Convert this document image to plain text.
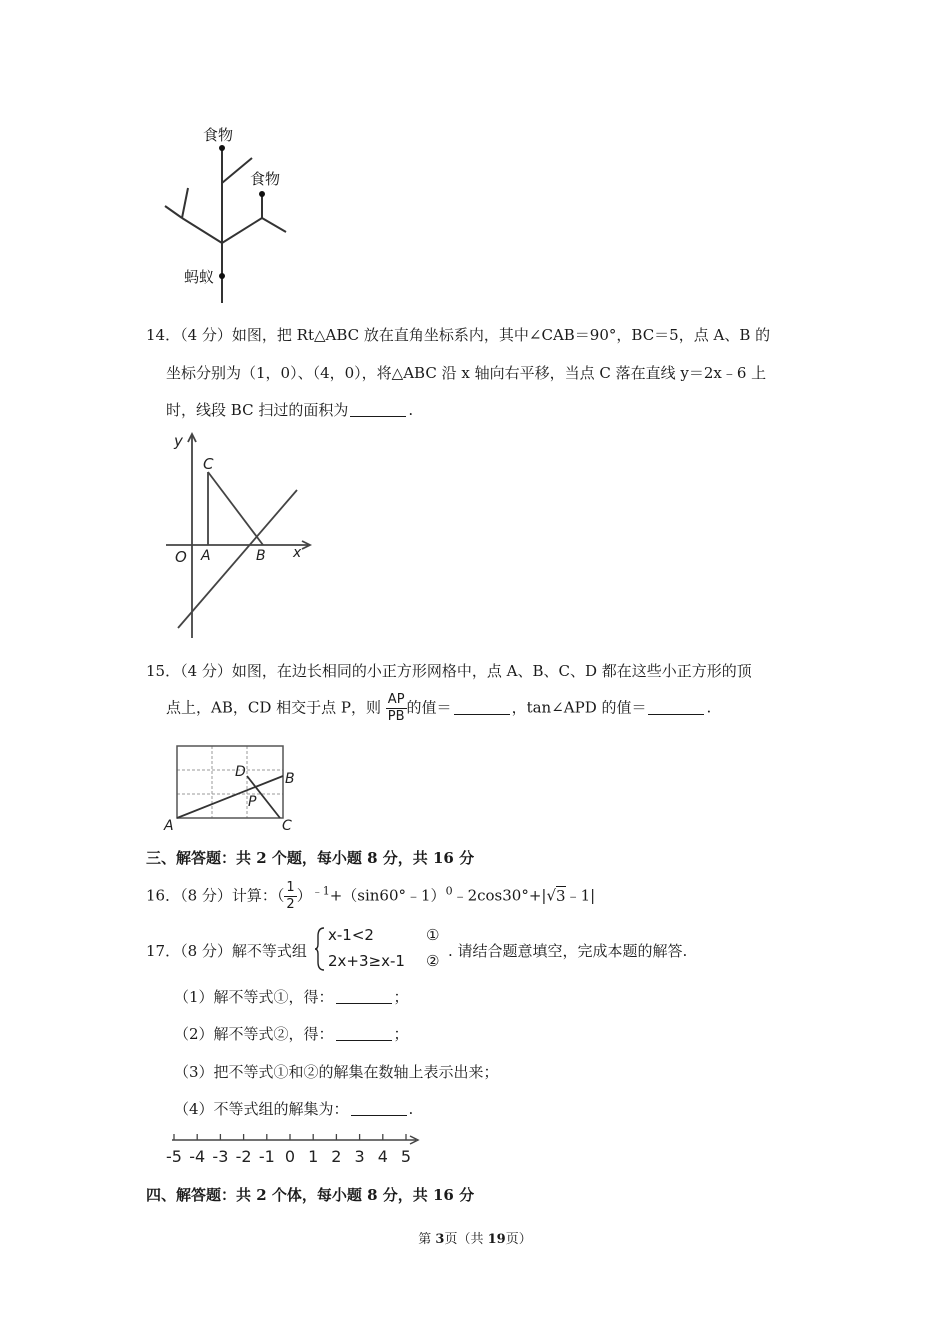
食物
食物
蚂蚁
14．（4 分）如图，把 Rt△ABC 放在直角坐标系内，其中∠CAB＝90°，BC＝5，点 A、B 的
坐标分别为（1，0）、（4，0），将△ABC 沿 x 轴向右平移，当点 C 落在直线 y＝2x﹣6 上
时，线段 BC 扫过的面积为	.
y
C
O A	B x
15．（4 分）如图，在边长相同的小正方形网格中，点 A、B、C、D 都在这些小正方形的顶
点上，AB，CD 相交于点 P，则 $\frac{AP}{PB}$ 的值＝	，tan∠APD 的值＝	.
D	B
P
A	C
三、解答题：共 2 个题，每小题 8 分，共 16 分
16．（8 分）计算：（ $\frac{1}{2}$ ）$^{﹣1}$+（sin60°﹣1）$^0$﹣2cos30°+|√3﹣1|
17．（8 分）解不等式组
x-1<2
2x+3≥x-1
①
②
. 请结合题意填空，完成本题的解答.
（1）解不等式①，得：	；
（2）解不等式②，得：	；
（3）把不等式①和②的解集在数轴上表示出来；
（4）不等式组的解集为：	.
-5 -4 -3 -2 -1 0 1 2 3 4 5
四、解答题：共 2 个体，每小题 8 分，共 16 分
第 3页（共 19页）
